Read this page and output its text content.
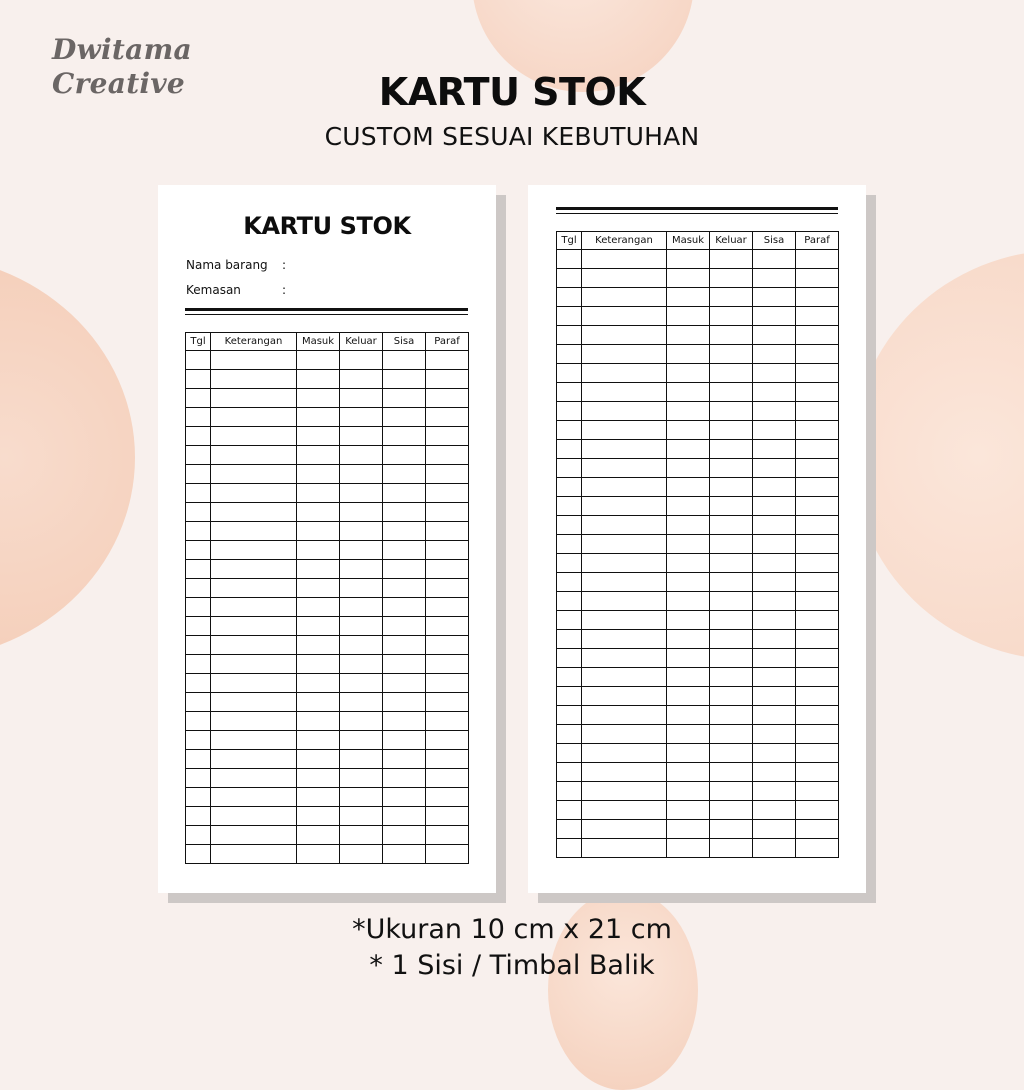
Dwitama
Creative	KARTU STOK
CUSTOM SESUAI KEBUTUHAN
KARTU STOK
Nama barang :
Kemasan	:
Tgl	Keterangan	Masuk	Keluar	Sisa	Paraf

Tgl	Keterangan	Masuk	Keluar	Sisa	Paraf

*Ukuran 10 cm x 21 cm
* 1 Sisi / Timbal Balik
